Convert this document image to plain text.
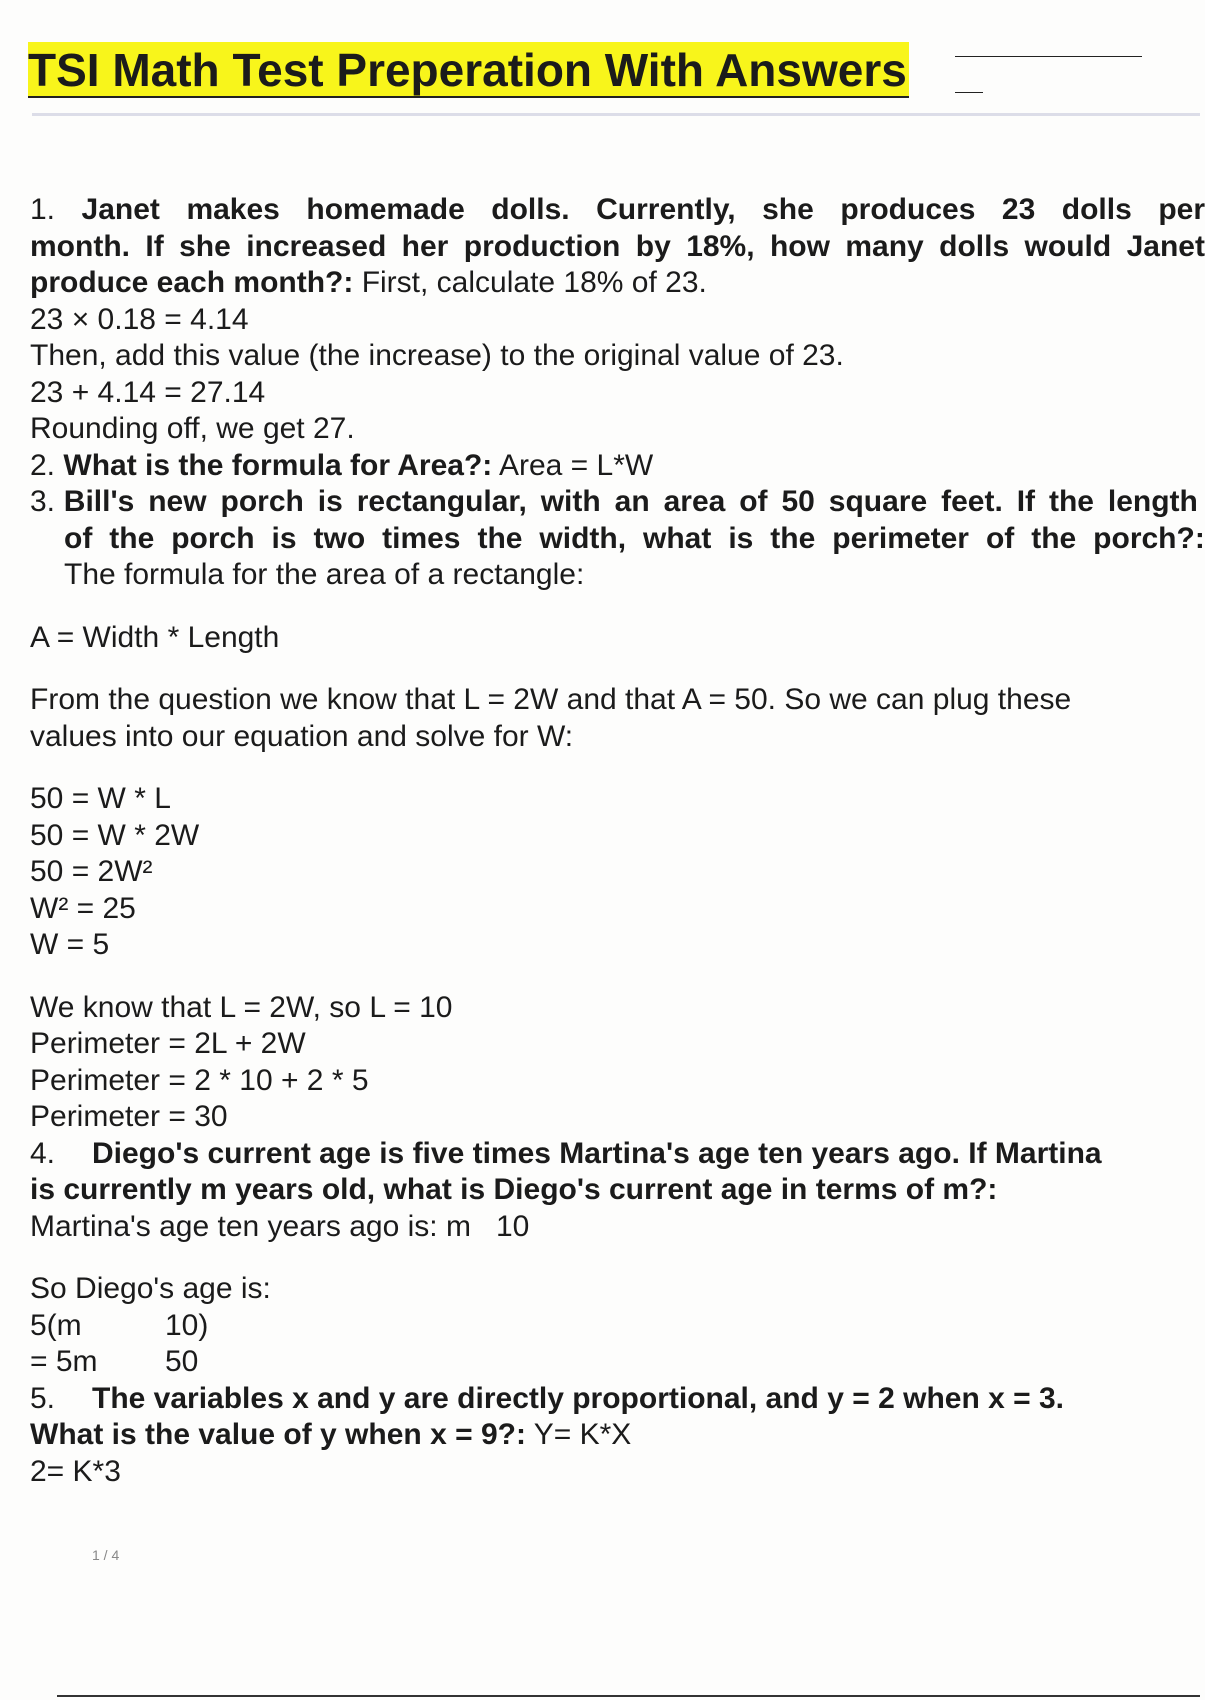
TSI Math Test Preperation With Answers
1. Janet makes homemade dolls. Currently, she produces 23 dolls per
month. If she increased her production by 18%, how many dolls would Janet
produce each month?: First, calculate 18% of 23.
23 × 0.18 = 4.14
Then, add this value (the increase) to the original value of 23.
23 + 4.14 = 27.14
Rounding off, we get 27.
2. What is the formula for Area?: Area = L*W
3. Bill's new porch is rectangular, with an area of 50 square feet. If the length
of the porch is two times the width, what is the perimeter of the porch?:
The formula for the area of a rectangle:
A = Width * Length
From the question we know that L = 2W and that A = 50. So we can plug these
values into our equation and solve for W:
50 = W * L
50 = W * 2W
50 = 2W²
W² = 25
W = 5
We know that L = 2W, so L = 10
Perimeter = 2L + 2W
Perimeter = 2 * 10 + 2 * 5
Perimeter = 30
4. Diego's current age is five times Martina's age ten years ago. If Martina
is currently m years old, what is Diego's current age in terms of m?:
Martina's age ten years ago is: m   10
So Diego's age is:
5(m	10)
= 5m 50
5. The variables x and y are directly proportional, and y = 2 when x = 3.
What is the value of y when x = 9?: Y= K*X
2= K*3
1 / 4
